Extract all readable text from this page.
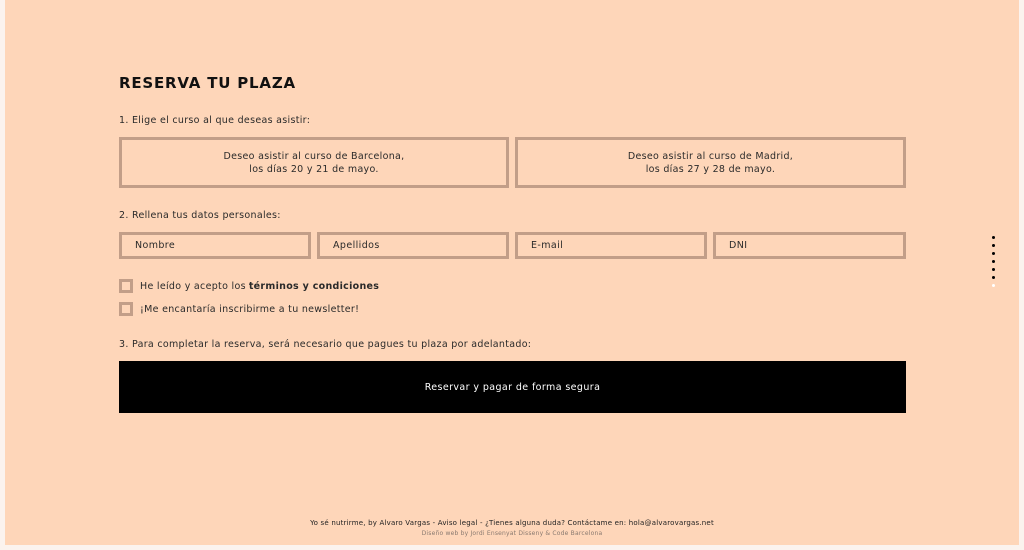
RESERVA TU PLAZA
1. Elige el curso al que deseas asistir:
Deseo asistir al curso de Barcelona,
los días 20 y 21 de mayo.
Deseo asistir al curso de Madrid,
los días 27 y 28 de mayo.
2. Rellena tus datos personales:
Nombre
Apellidos
E-mail
DNI
He leído y acepto los términos y condiciones
¡Me encantaría inscribirme a tu newsletter!
3. Para completar la reserva, será necesario que pagues tu plaza por adelantado:
Reservar y pagar de forma segura
Yo sé nutrirme, by Alvaro Vargas - Aviso legal - ¿Tienes alguna duda? Contáctame en: hola@alvarovargas.net
Diseño web by Jordi Ensenyat Disseny & Code Barcelona
